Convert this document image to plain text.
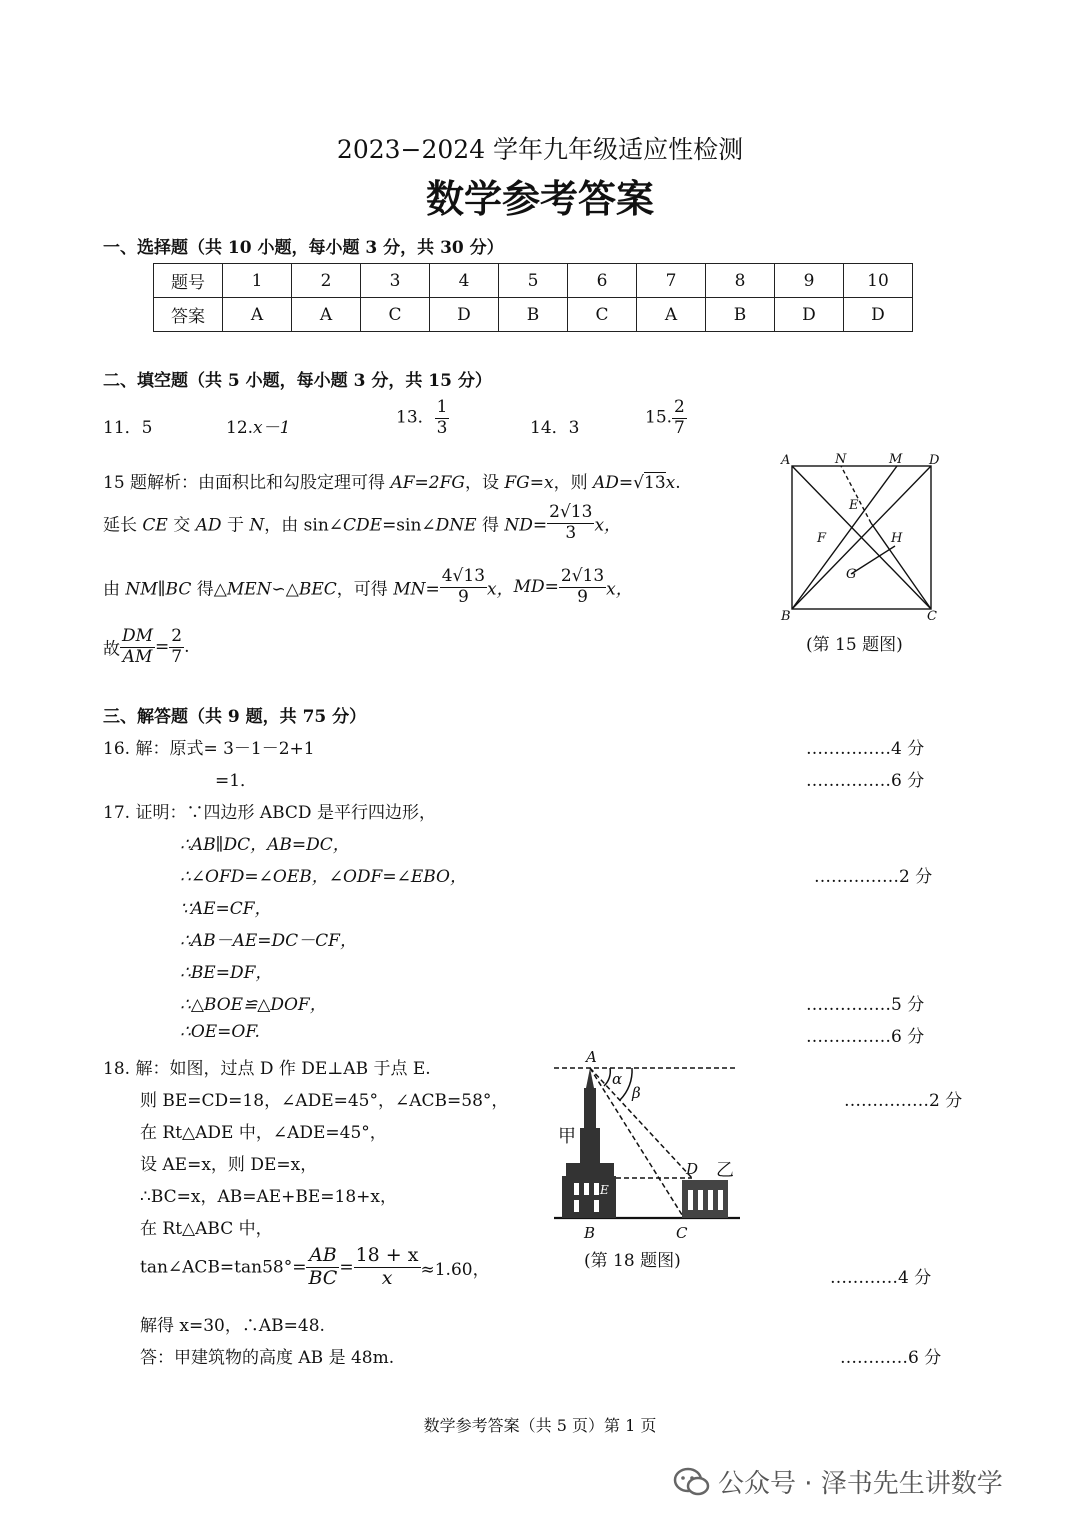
2023−2024 学年九年级适应性检测
数学参考答案
一、选择题（共 10 小题，每小题 3 分，共 30 分）
题号	1	2	3	4	5	6	7	8	9	10
答案	A	A	C	D	B	C	A	B	D	D
二、填空题（共 5 小题，每小题 3 分，共 15 分）
11．5	12.x－1
13． $\frac{1}{3}$	14．3
15. $\frac{2}{7}$
15 题解析：由面积比和勾股定理可得 AF=2FG，设 FG=x，则 AD=√13x.
延长 CE 交 AD 于 N，由 sin∠CDE=sin∠DNE 得 $ND= \frac{2√13}{3}$ x，
由 NM∥BC 得△MEN∽△BEC，可得 $MN= \frac{4√13}{9}$ x，$MD= \frac{2√13}{9}$ x，
故 $\frac{DM}{AM} = \frac{2}{7}$ .
A	N	M D
E
F	H
G
B	C
(第 15 题图)
三、解答题（共 9 题，共 75 分）
16. 解：原式= 3－1－2+1
=1．
……………4 分
……………6 分
17. 证明：∵四边形 ABCD 是平行四边形，
∴AB∥DC，AB=DC，
∴∠OFD=∠OEB，∠ODF=∠EBO，
∵AE=CF，
∴AB－AE=DC－CF，
∴BE=DF，
∴△BOE≌△DOF，
∴OE=OF.
……………2 分
……………5 分
……………6 分
18. 解：如图，过点 D 作 DE⊥AB 于点 E.
则 BE=CD=18，∠ADE=45°，∠ACB=58°，
在 Rt△ADE 中，∠ADE=45°，
设 AE=x，则 DE=x，
∴BC=x，AB=AE+BE=18+x，
在 Rt△ABC 中，
tan∠ACB=tan58°= $\frac{AB}{BC} = \frac{18 + x}{x} \approx 1.60$，
解得 x=30，∴AB=48.
答：甲建筑物的高度 AB 是 48m.
……………2 分
…………4 分
…………6 分
A
α
β
甲
D 乙
E
B	C
(第 18 题图)
数学参考答案（共 5 页）第 1 页
公众号 · 泽书先生讲数学
